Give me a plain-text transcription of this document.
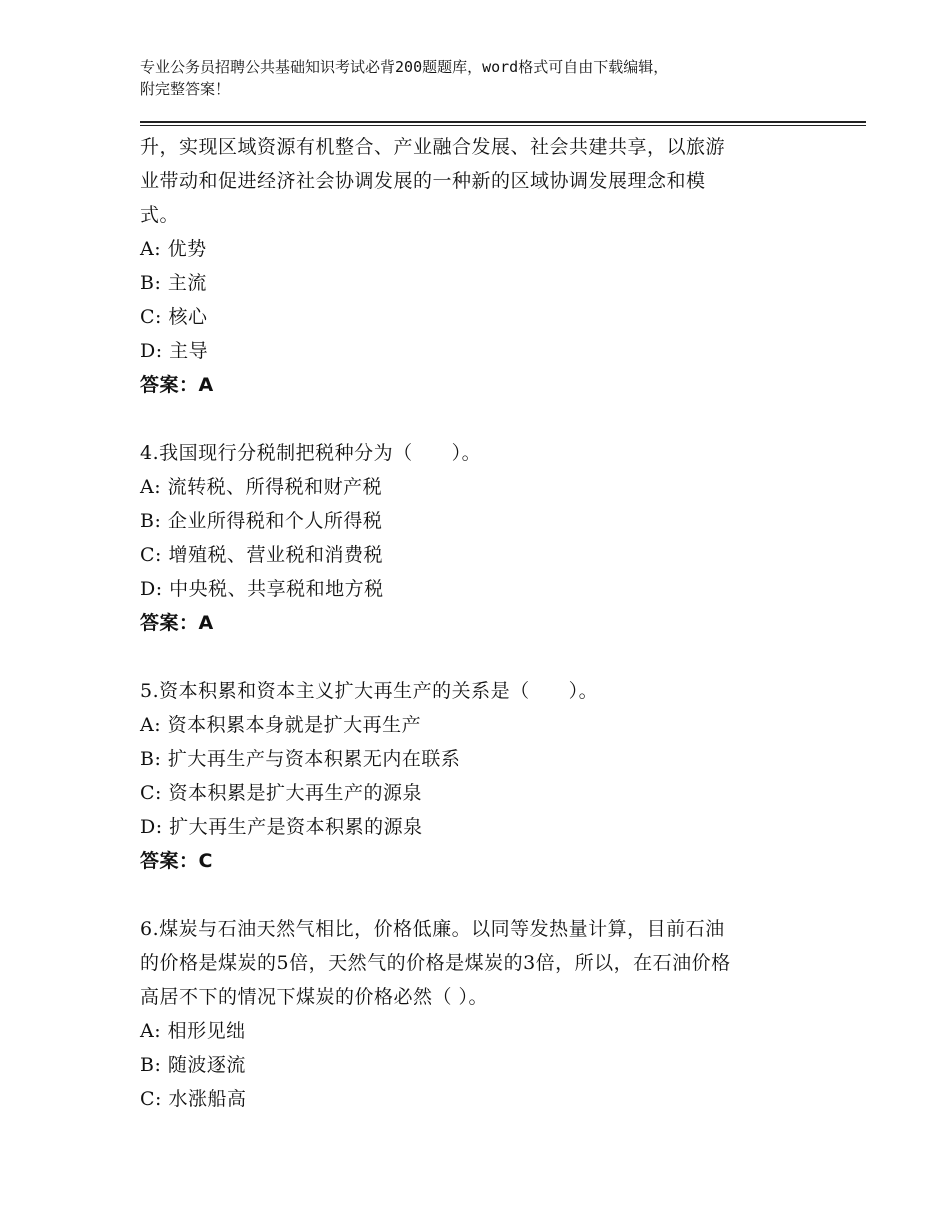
专业公务员招聘公共基础知识考试必背200题题库，word格式可自由下载编辑，
附完整答案！
升，实现区域资源有机整合、产业融合发展、社会共建共享，以旅游
业带动和促进经济社会协调发展的一种新的区域协调发展理念和模
式。
A: 优势
B: 主流
C: 核心
D: 主导
答案：A
4.我国现行分税制把税种分为（　　）。
A: 流转税、所得税和财产税
B: 企业所得税和个人所得税
C: 增殖税、营业税和消费税
D: 中央税、共享税和地方税
答案：A
5.资本积累和资本主义扩大再生产的关系是（　　）。
A: 资本积累本身就是扩大再生产
B: 扩大再生产与资本积累无内在联系
C: 资本积累是扩大再生产的源泉
D: 扩大再生产是资本积累的源泉
答案：C
6.煤炭与石油天然气相比，价格低廉。以同等发热量计算，目前石油
的价格是煤炭的5倍，天然气的价格是煤炭的3倍，所以，在石油价格
高居不下的情况下煤炭的价格必然（ ）。
A: 相形见绌
B: 随波逐流
C: 水涨船高
